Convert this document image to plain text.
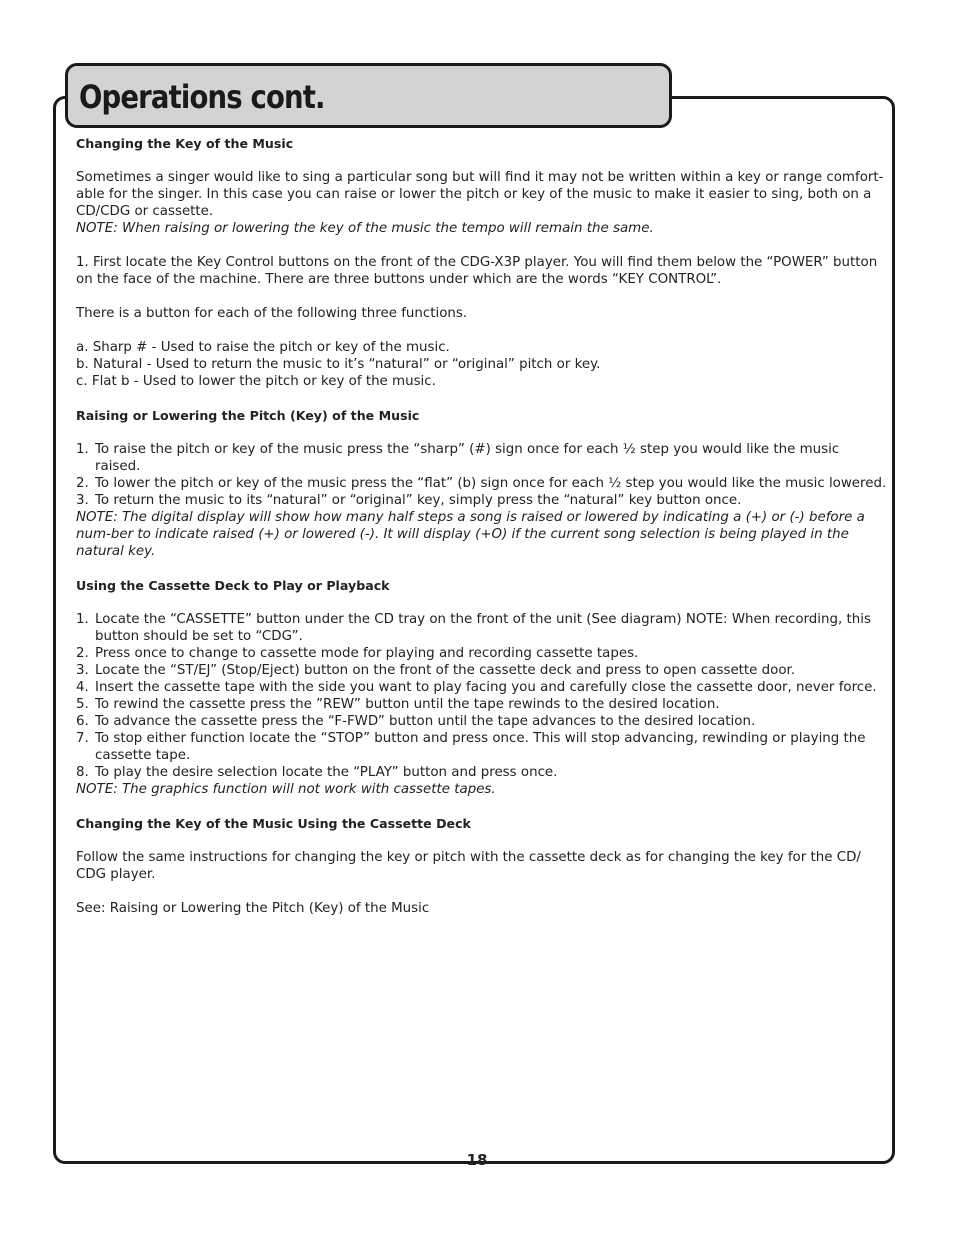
Operations cont.

Changing the Key of the Music

Sometimes a singer would like to sing a particular song but will find it may not be written within a key or range comfort-able for the singer. In this case you can raise or lower the pitch or key of the music to make it easier to sing, both on a CD/CDG or cassette.

NOTE: When raising or lowering the key of the music the tempo will remain the same.

1. First locate the Key Control buttons on the front of the CDG-X3P player. You will find them below the “POWER” button on the face of the machine. There are three buttons under which are the words “KEY CONTROL”.

There is a button for each of the following three functions.

a. Sharp # - Used to raise the pitch or key of the music.

b. Natural - Used to return the music to it’s “natural” or “original” pitch or key.

c. Flat b - Used to lower the pitch or key of the music.

Raising or Lowering the Pitch (Key) of the Music

1. To raise the pitch or key of the music press the “sharp” (#) sign once for each ½ step you would like the music raised.
2. To lower the pitch or key of the music press the “flat” (b) sign once for each ½ step you would like the music lowered.
3. To return the music to its “natural” or “original” key, simply press the “natural” key button once.

NOTE: The digital display will show how many half steps a song is raised or lowered by indicating a (+) or (-) before a num-ber to indicate raised (+) or lowered (-). It will display (+O) if the current song selection is being played in the natural key.

Using the Cassette Deck to Play or Playback

1. Locate the “CASSETTE” button under the CD tray on the front of the unit (See diagram) NOTE: When recording, this button should be set to “CDG”.
2. Press once to change to cassette mode for playing and recording cassette tapes.
3. Locate the “ST/EJ” (Stop/Eject) button on the front of the cassette deck and press to open cassette door.
4. Insert the cassette tape with the side you want to play facing you and carefully close the cassette door, never force.
5. To rewind the cassette press the ”REW” button until the tape rewinds to the desired location.
6. To advance the cassette press the “F-FWD” button until the tape advances to the desired location.
7. To stop either function locate the “STOP” button and press once. This will stop advancing, rewinding or playing the cassette tape.
8. To play the desire selection locate the “PLAY” button and press once.

NOTE: The graphics function will not work with cassette tapes.

Changing the Key of the Music Using the Cassette Deck

Follow the same instructions for changing the key or pitch with the cassette deck as for changing the key for the CD/ CDG player.

See: Raising or Lowering the Pitch (Key) of the Music

18
